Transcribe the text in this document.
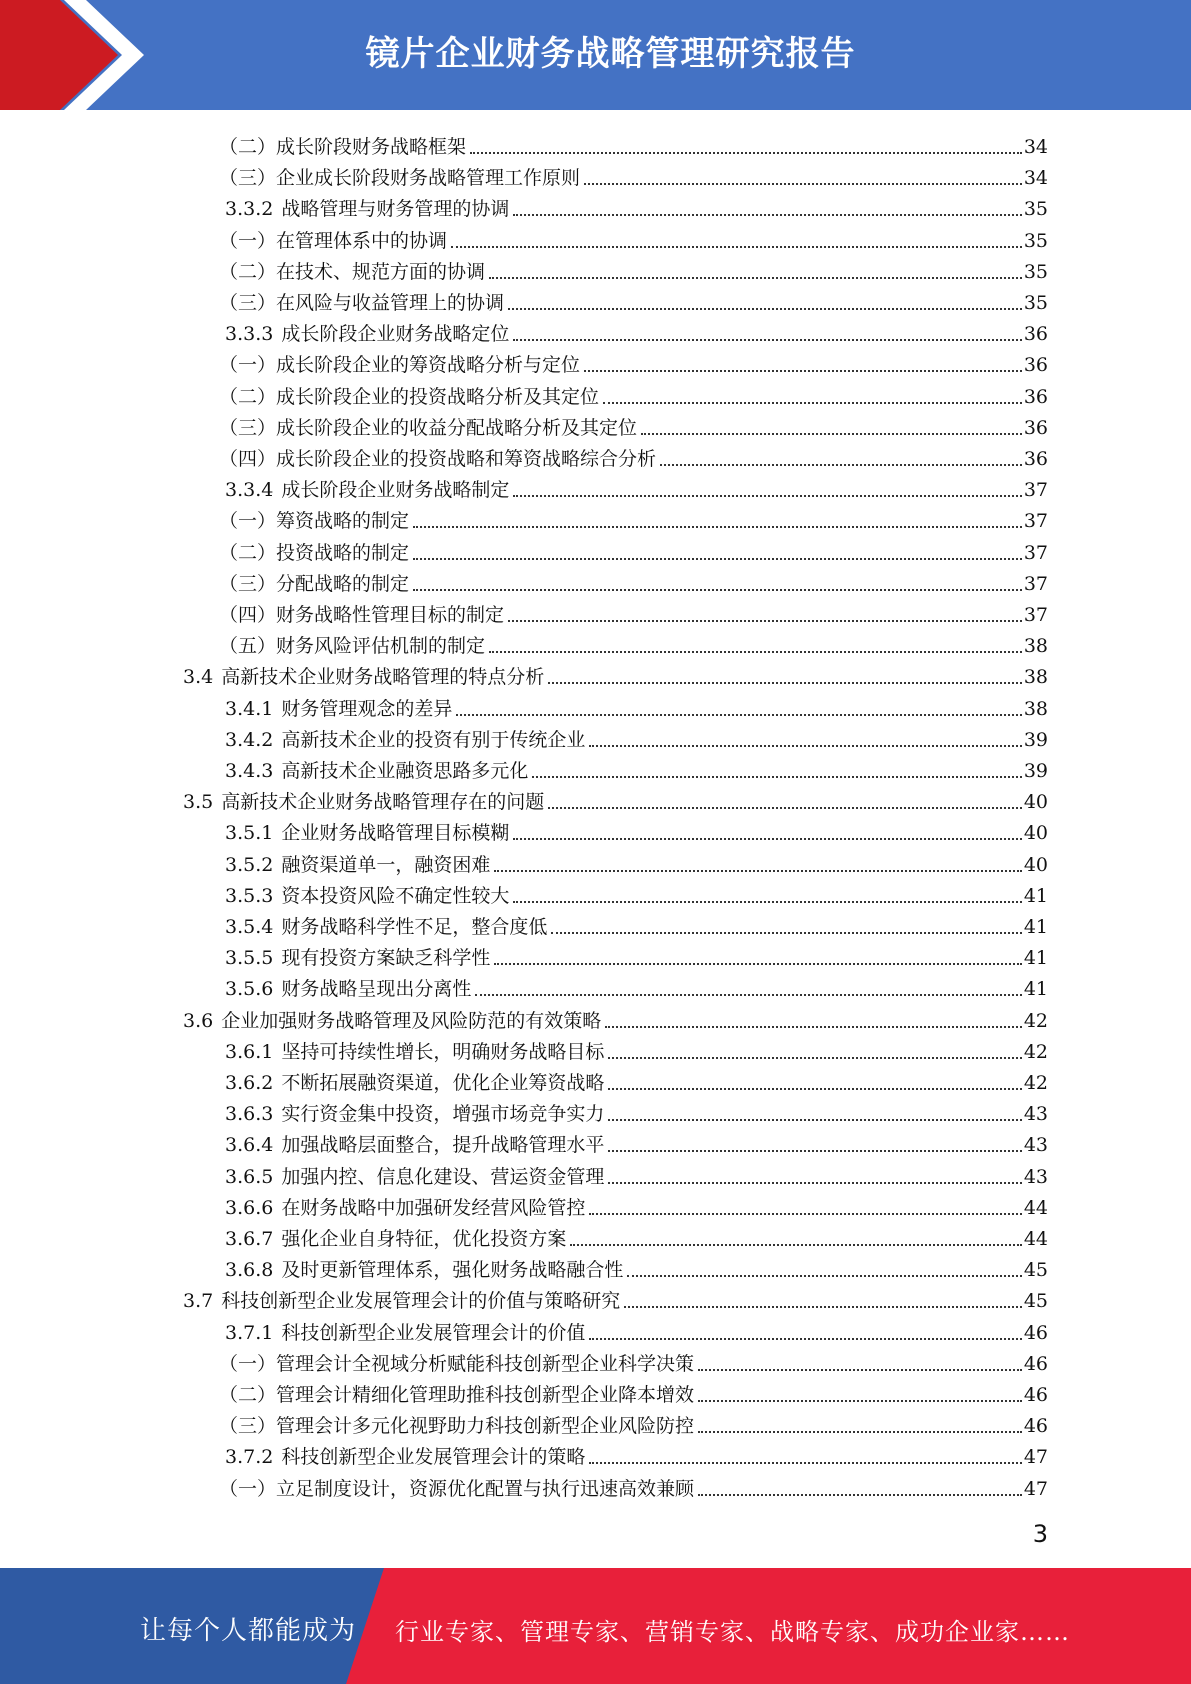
镜片企业财务战略管理研究报告
（二）成长阶段财务战略框架	34
（三）企业成长阶段财务战略管理工作原则	34
3.3.2 战略管理与财务管理的协调	35
（一）在管理体系中的协调	35
（二）在技术、规范方面的协调	35
（三）在风险与收益管理上的协调	35
3.3.3 成长阶段企业财务战略定位	36
（一）成长阶段企业的筹资战略分析与定位	36
（二）成长阶段企业的投资战略分析及其定位	36
（三）成长阶段企业的收益分配战略分析及其定位	36
（四）成长阶段企业的投资战略和筹资战略综合分析	36
3.3.4 成长阶段企业财务战略制定	37
（一）筹资战略的制定	37
（二）投资战略的制定	37
（三）分配战略的制定	37
（四）财务战略性管理目标的制定	37
（五）财务风险评估机制的制定	38
3.4 高新技术企业财务战略管理的特点分析	38
3.4.1 财务管理观念的差异	38
3.4.2 高新技术企业的投资有别于传统企业	39
3.4.3 高新技术企业融资思路多元化	39
3.5 高新技术企业财务战略管理存在的问题	40
3.5.1 企业财务战略管理目标模糊	40
3.5.2 融资渠道单一，融资困难	40
3.5.3 资本投资风险不确定性较大	41
3.5.4 财务战略科学性不足，整合度低	41
3.5.5 现有投资方案缺乏科学性	41
3.5.6 财务战略呈现出分离性	41
3.6 企业加强财务战略管理及风险防范的有效策略	42
3.6.1 坚持可持续性增长，明确财务战略目标	42
3.6.2 不断拓展融资渠道，优化企业筹资战略	42
3.6.3 实行资金集中投资，增强市场竞争实力	43
3.6.4 加强战略层面整合，提升战略管理水平	43
3.6.5 加强内控、信息化建设、营运资金管理	43
3.6.6 在财务战略中加强研发经营风险管控	44
3.6.7 强化企业自身特征，优化投资方案	44
3.6.8 及时更新管理体系，强化财务战略融合性	45
3.7 科技创新型企业发展管理会计的价值与策略研究	45
3.7.1 科技创新型企业发展管理会计的价值	46
（一）管理会计全视域分析赋能科技创新型企业科学决策	46
（二）管理会计精细化管理助推科技创新型企业降本增效	46
（三）管理会计多元化视野助力科技创新型企业风险防控	46
3.7.2 科技创新型企业发展管理会计的策略	47
（一）立足制度设计，资源优化配置与执行迅速高效兼顾	47
3
让每个人都能成为 行业专家、管理专家、营销专家、战略专家、成功企业家……
